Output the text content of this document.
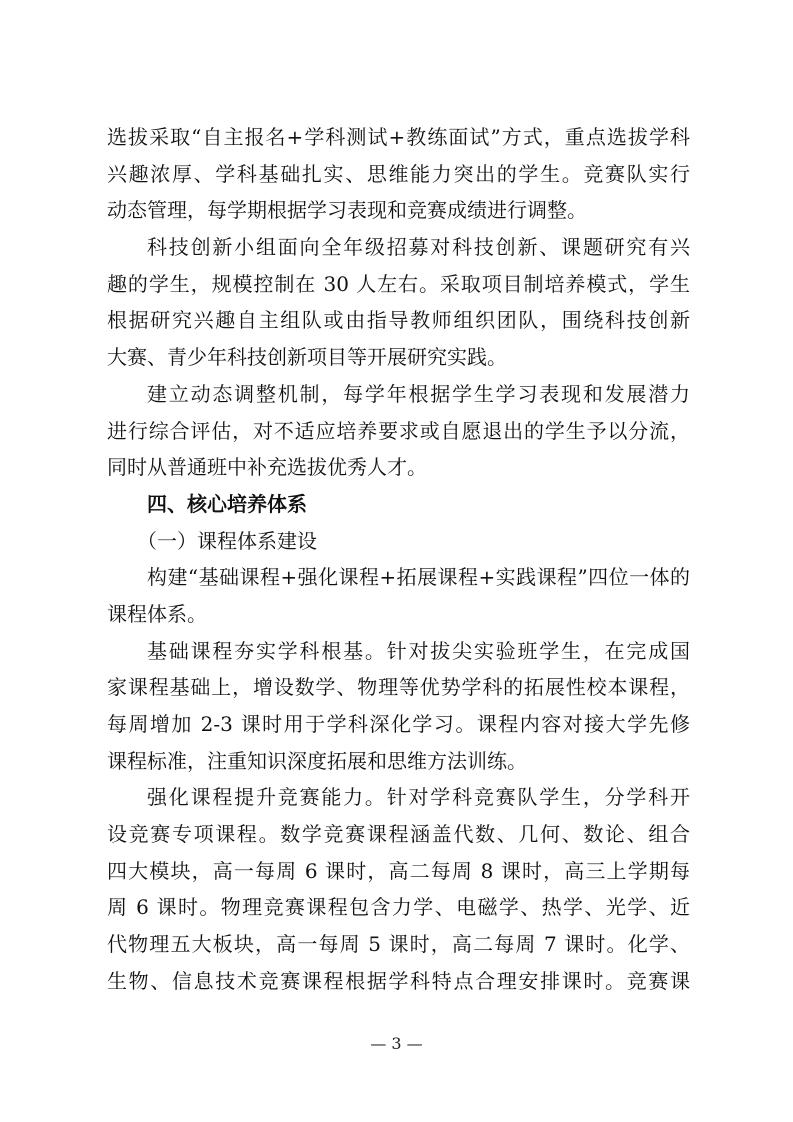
选拔采取“自主报名+学科测试+教练面试”方式，重点选拔学科
兴趣浓厚、学科基础扎实、思维能力突出的学生。竞赛队实行
动态管理，每学期根据学习表现和竞赛成绩进行调整。
科技创新小组面向全年级招募对科技创新、课题研究有兴
趣的学生，规模控制在 30 人左右。采取项目制培养模式，学生
根据研究兴趣自主组队或由指导教师组织团队，围绕科技创新
大赛、青少年科技创新项目等开展研究实践。
建立动态调整机制，每学年根据学生学习表现和发展潜力
进行综合评估，对不适应培养要求或自愿退出的学生予以分流，
同时从普通班中补充选拔优秀人才。
四、核心培养体系
（一）课程体系建设
构建“基础课程+强化课程+拓展课程+实践课程”四位一体的
课程体系。
基础课程夯实学科根基。针对拔尖实验班学生，在完成国
家课程基础上，增设数学、物理等优势学科的拓展性校本课程，
每周增加 2-3 课时用于学科深化学习。课程内容对接大学先修
课程标准，注重知识深度拓展和思维方法训练。
强化课程提升竞赛能力。针对学科竞赛队学生，分学科开
设竞赛专项课程。数学竞赛课程涵盖代数、几何、数论、组合
四大模块，高一每周 6 课时，高二每周 8 课时，高三上学期每
周 6 课时。物理竞赛课程包含力学、电磁学、热学、光学、近
代物理五大板块，高一每周 5 课时，高二每周 7 课时。化学、
生物、信息技术竞赛课程根据学科特点合理安排课时。竞赛课
— 3 —
